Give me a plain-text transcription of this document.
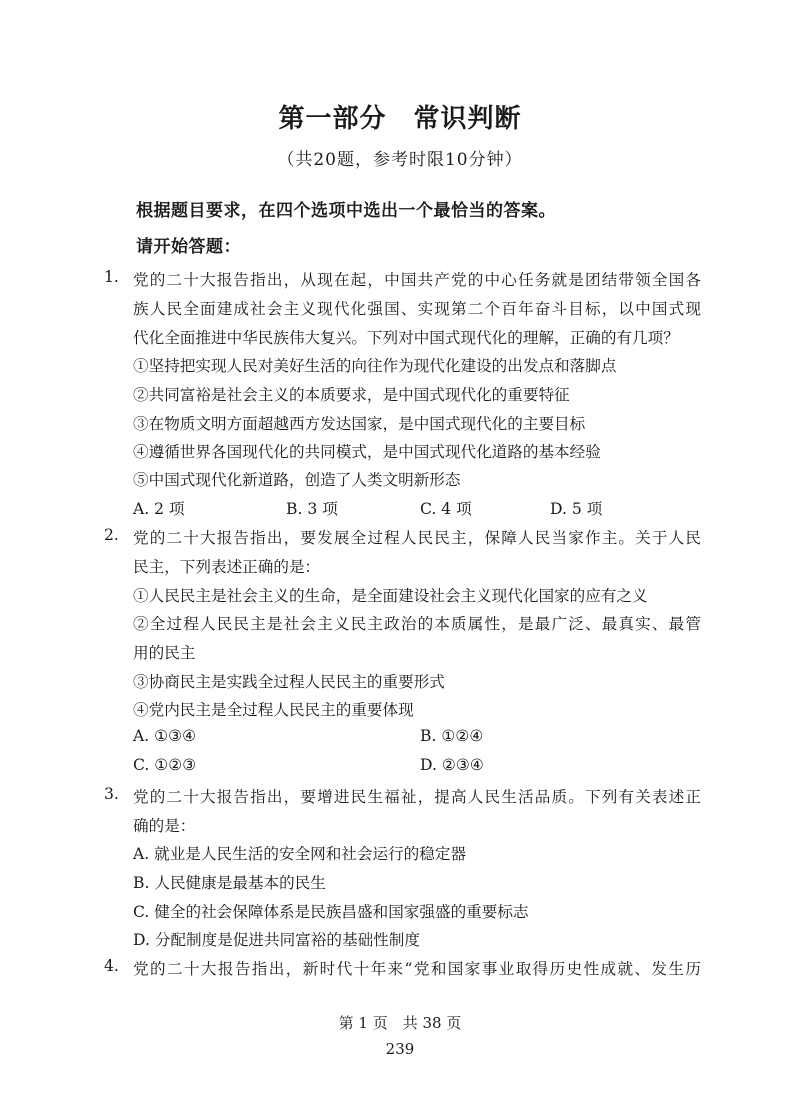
第一部分　常识判断
（共20题，参考时限10分钟）
根据题目要求，在四个选项中选出一个最恰当的答案。
请开始答题：
1. 党的二十大报告指出，从现在起，中国共产党的中心任务就是团结带领全国各
族人民全面建成社会主义现代化强国、实现第二个百年奋斗目标，以中国式现
代化全面推进中华民族伟大复兴。下列对中国式现代化的理解，正确的有几项？
①坚持把实现人民对美好生活的向往作为现代化建设的出发点和落脚点
②共同富裕是社会主义的本质要求，是中国式现代化的重要特征
③在物质文明方面超越西方发达国家，是中国式现代化的主要目标
④遵循世界各国现代化的共同模式，是中国式现代化道路的基本经验
⑤中国式现代化新道路，创造了人类文明新形态
A. 2 项	B. 3 项	C. 4 项	D. 5 项
2. 党的二十大报告指出，要发展全过程人民民主，保障人民当家作主。关于人民
民主，下列表述正确的是：
①人民民主是社会主义的生命，是全面建设社会主义现代化国家的应有之义
②全过程人民民主是社会主义民主政治的本质属性，是最广泛、最真实、最管
用的民主
③协商民主是实践全过程人民民主的重要形式
④党内民主是全过程人民民主的重要体现
A. ①③④	B. ①②④
C. ①②③	D. ②③④
3. 党的二十大报告指出，要增进民生福祉，提高人民生活品质。下列有关表述正
确的是：
A. 就业是人民生活的安全网和社会运行的稳定器
B. 人民健康是最基本的民生
C. 健全的社会保障体系是民族昌盛和国家强盛的重要标志
D. 分配制度是促进共同富裕的基础性制度
4. 党的二十大报告指出，新时代十年来“党和国家事业取得历史性成就、发生历
第 1 页　共 38 页
239
